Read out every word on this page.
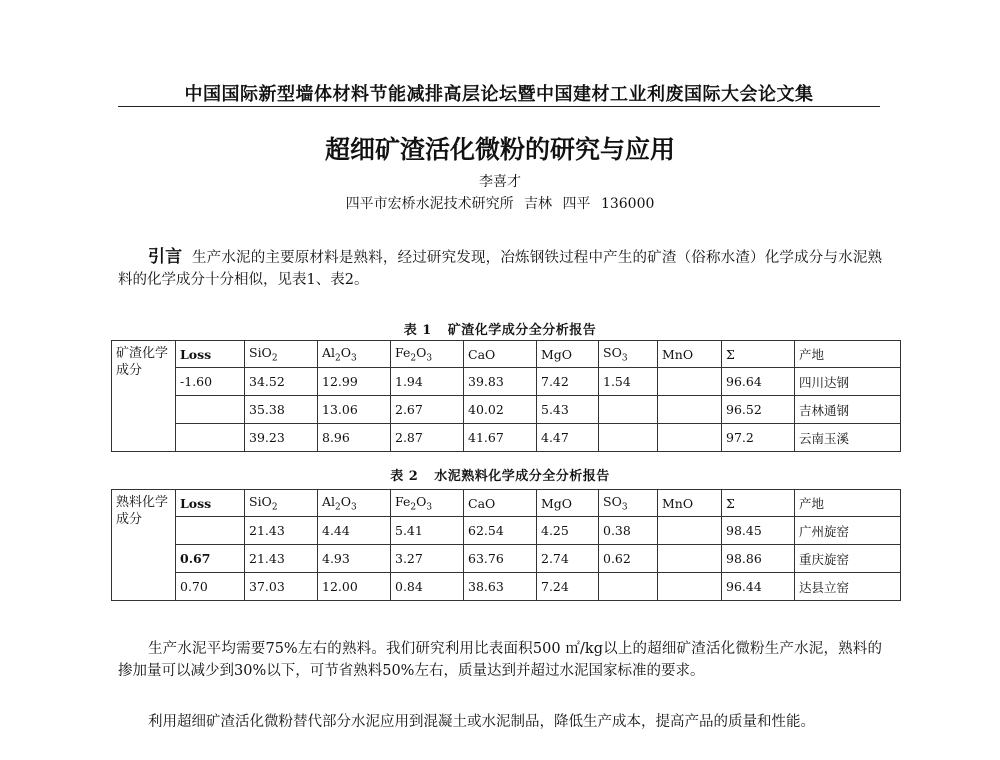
中国国际新型墙体材料节能减排高层论坛暨中国建材工业利废国际大会论文集
超细矿渣活化微粉的研究与应用
李喜才
四平市宏桥水泥技术研究所 吉林 四平 136000

引言 生产水泥的主要原材料是熟料，经过研究发现，冶炼钢铁过程中产生的矿渣（俗称水渣）化学成分与水泥熟料的化学成分十分相似，见表1、表2。

表 1 矿渣化学成分全分析报告
矿渣化学成分	Loss	SiO$_2$	$Al_2O_3$	$Fe_2O_3$	CaO	MgO	$SO_3$	MnO	Σ	产地
	-1.60	34.52	12.99	1.94	39.83	7.42	1.54		96.64	四川达钢
		35.38	13.06	2.67	40.02	5.43			96.52	吉林通钢
		39.23	8.96	2.87	41.67	4.47			97.2	云南玉溪
表 2 水泥熟料化学成分全分析报告
熟料化学成分	Loss	SiO$_2$	$Al_2O_3$	$Fe_2O_3$	CaO	MgO	$SO_3$	MnO	Σ	产地
		21.43	4.44	5.41	62.54	4.25	0.38		98.45	广州旋窑
	0.67	21.43	4.93	3.27	63.76	2.74	0.62		98.86	重庆旋窑
	0.70	37.03	12.00	0.84	38.63	7.24			96.44	达县立窑

生产水泥平均需要75%左右的熟料。我们研究利用比表面积500 ㎡/kg以上的超细矿渣活化微粉生产水泥，熟料的掺加量可以减少到30%以下，可节省熟料50%左右，质量达到并超过水泥国家标准的要求。

利用超细矿渣活化微粉替代部分水泥应用到混凝土或水泥制品，降低生产成本，提高产品的质量和性能。
